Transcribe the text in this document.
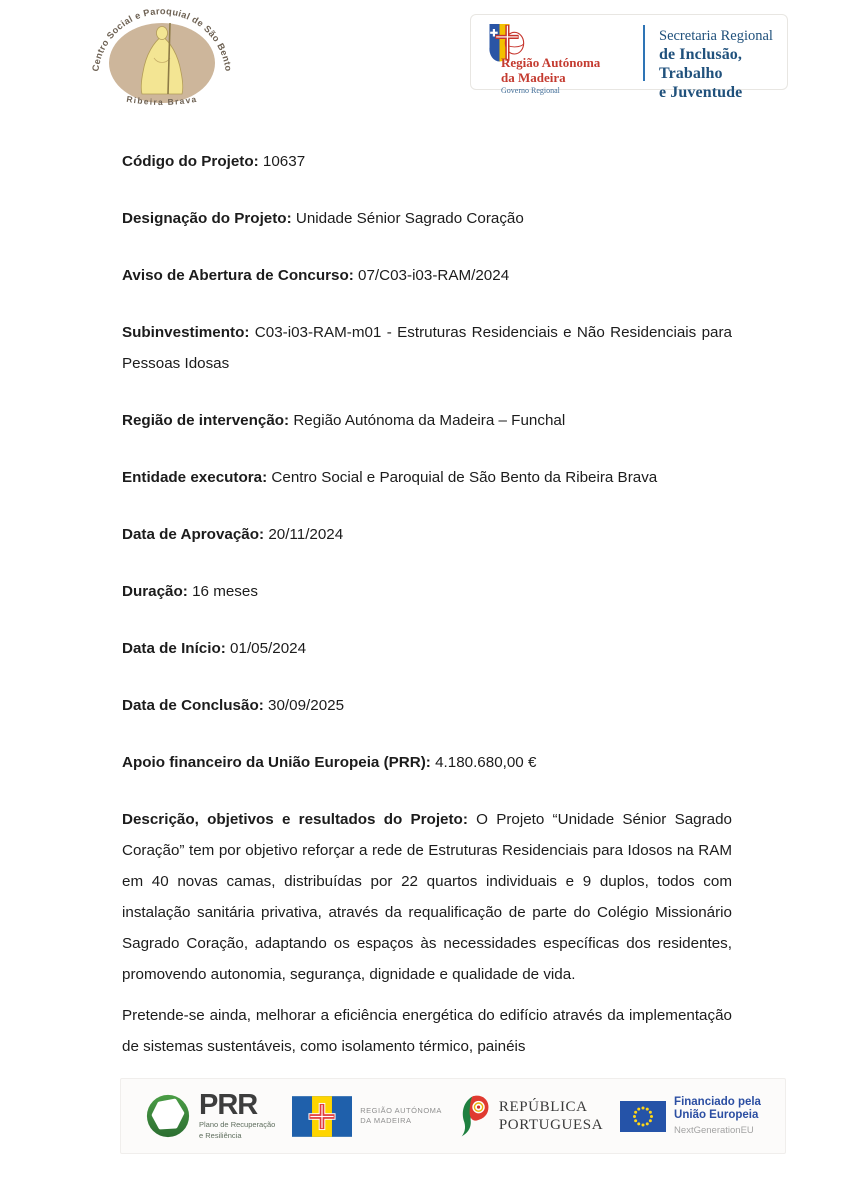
Centro Social e Paroquial de São Bento
Ribeira Brava
Região Autónoma
da Madeira
Governo Regional
Secretaria Regional
de Inclusão, Trabalho
e Juventude

Código do Projeto: 10637

Designação do Projeto: Unidade Sénior Sagrado Coração

Aviso de Abertura de Concurso: 07/C03-i03-RAM/2024

Subinvestimento: C03-i03-RAM-m01 - Estruturas Residenciais e Não Residenciais para Pessoas Idosas

Região de intervenção: Região Autónoma da Madeira – Funchal

Entidade executora: Centro Social e Paroquial de São Bento da Ribeira Brava

Data de Aprovação: 20/11/2024

Duração: 16 meses

Data de Início: 01/05/2024

Data de Conclusão: 30/09/2025

Apoio financeiro da União Europeia (PRR): 4.180.680,00 €

Descrição, objetivos e resultados do Projeto: O Projeto “Unidade Sénior Sagrado Coração” tem por objetivo reforçar a rede de Estruturas Residenciais para Idosos na RAM em 40 novas camas, distribuídas por 22 quartos individuais e 9 duplos, todos com instalação sanitária privativa, através da requalificação de parte do Colégio Missionário Sagrado Coração, adaptando os espaços às necessidades específicas dos residentes, promovendo autonomia, segurança, dignidade e qualidade de vida.

Pretende-se ainda, melhorar a eficiência energética do edifício através da implementação de sistemas sustentáveis, como isolamento térmico, painéis

PRR
Plano de Recuperação
e Resiliência
REGIÃO AUTÓNOMA
DA MADEIRA
REPÚBLICA
PORTUGUESA
Financiado pela
União Europeia
NextGenerationEU
